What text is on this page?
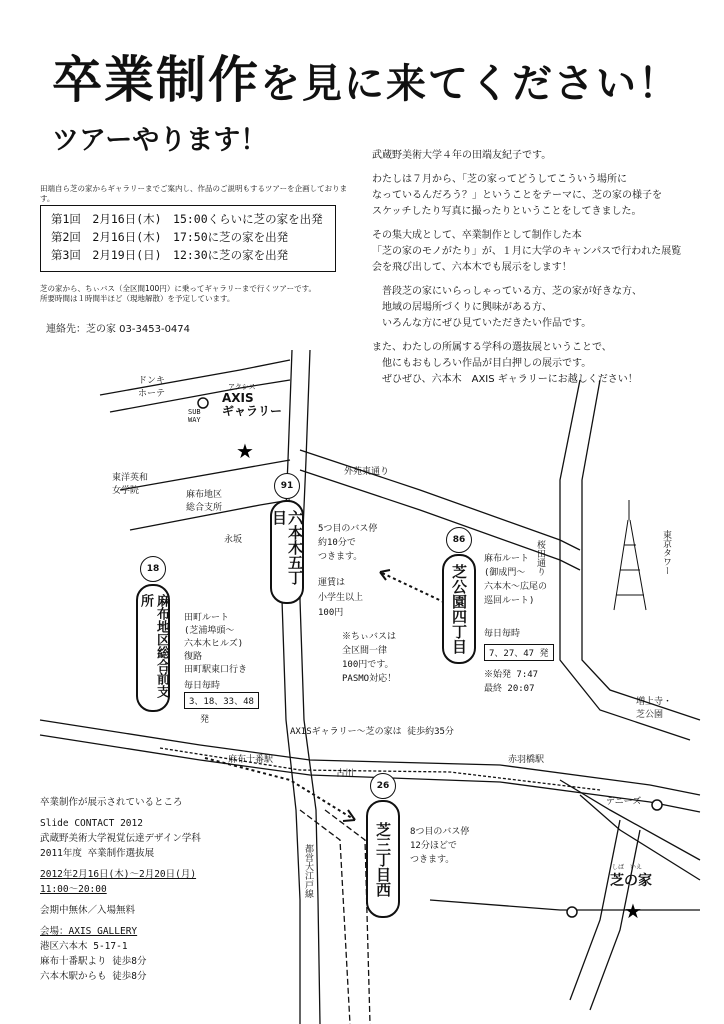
卒業制作を見に来てください！
ツアーやります！
田端自ら芝の家からギャラリーまでご案内し、作品のご説明もするツアーを企画しております。
第1回　2月16日(木)　15:00くらいに芝の家を出発
第2回　2月16日(木)　17:50に芝の家を出発
第3回　2月19日(日)　12:30に芝の家を出発
芝の家から、ちぃバス（全区間100円）に乗ってギャラリーまで行くツアーです。
所要時間は１時間半ほど（現地解散）を予定しています。
連絡先：芝の家 03-3453-0474
武蔵野美術大学４年の田端友紀子です。
わたしは７月から、「芝の家ってどうしてこういう場所に
なっているんだろう？」ということをテーマに、芝の家の様子を
スケッチしたり写真に撮ったりということをしてきました。
その集大成として、卒業制作として制作した本
「芝の家のモノがたり」が、１月に大学のキャンパスで行われた展覧
会を飛び出して、六本木でも展示をします！
普段芝の家にいらっしゃっている方、芝の家が好きな方、
地域の居場所づくりに興味がある方、
いろんな方にぜひ見ていただきたい作品です。
また、わたしの所属する学科の選抜展ということで、
他にもおもしろい作品が目白押しの展示です。
ぜひぜひ、六本木　AXIS ギャラリーにお越しください！
★
★
ドンキ
ホーテ
アクシス
AXIS
ギャラリー
SUB
WAY
東洋英和
女学院	麻布地区
総合支所
永坂
外苑東通り
桜田通り	東京タワー
増上寺・
芝公園
麻布十番駅	赤羽橋駅
古川
デニーズ
都営大江戸線
AXISギャラリー〜芝の家は 徒歩約35分
91
六本木五丁目
86
芝公園四丁目
18
麻布地区総合前支所
26
芝三丁目西
5つ目のバス停
約10分で
つきます。
運賃は
小学生以上
100円
※ちぃバスは
全区間一律
100円です。
PASMO対応！
麻布ルート
(御成門〜
六本木〜広尾の
巡回ルート)
毎日毎時
7、27、47 発
※始発 7:47
最終 20:07
田町ルート
(芝浦埠頭〜
六本木ヒルズ)
復路
田町駅東口行き
毎日毎時
3、18、33、48
発
8つ目のバス停
12分ほどで
つきます。
しば　いえ
芝の家
卒業制作が展示されているところ
Slide CONTACT 2012
武蔵野美術大学視覚伝達デザイン学科
2011年度 卒業制作選抜展
2012年2月16日(木)〜2月20日(月)
11:00〜20:00
会期中無休／入場無料
会場：AXIS GALLERY
港区六本木 5-17-1
麻布十番駅より 徒歩8分
六本木駅からも 徒歩8分
